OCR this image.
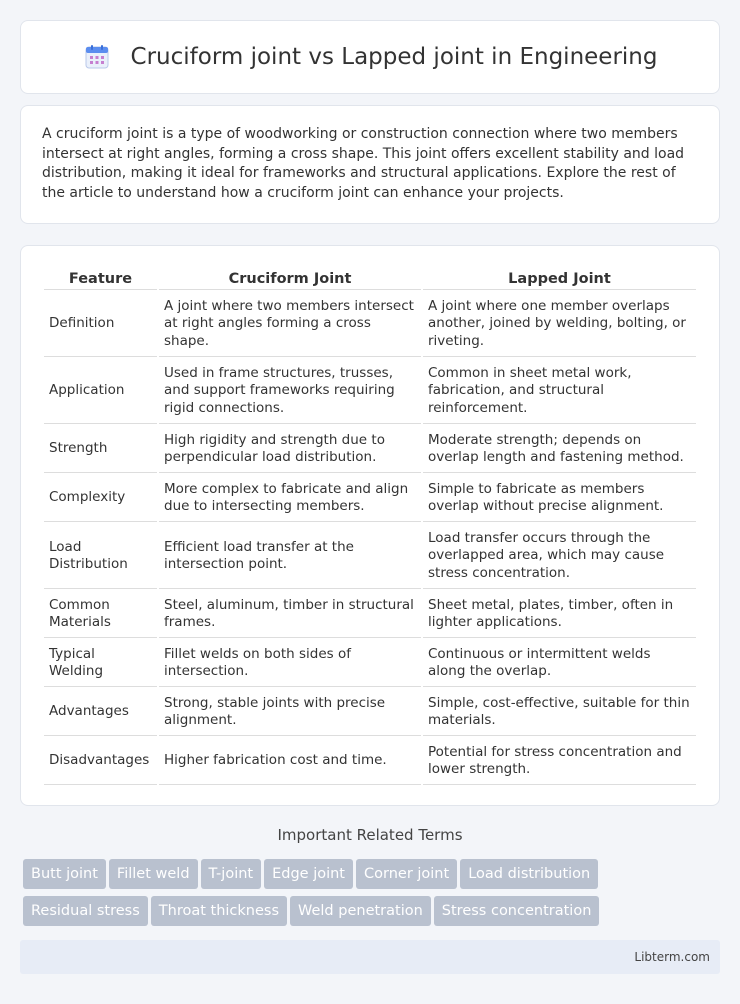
Cruciform joint vs Lapped joint in Engineering

A cruciform joint is a type of woodworking or construction connection where two members intersect at right angles, forming a cross shape. This joint offers excellent stability and load distribution, making it ideal for frameworks and structural applications. Explore the rest of the article to understand how a cruciform joint can enhance your projects.

Feature	Cruciform Joint	Lapped Joint
Definition	A joint where two members intersect at right angles forming a cross shape.	A joint where one member overlaps another, joined by welding, bolting, or riveting.
Application	Used in frame structures, trusses, and support frameworks requiring rigid connections.	Common in sheet metal work, fabrication, and structural reinforcement.
Strength	High rigidity and strength due to perpendicular load distribution.	Moderate strength; depends on overlap length and fastening method.
Complexity	More complex to fabricate and align due to intersecting members.	Simple to fabricate as members overlap without precise alignment.
Load Distribution	Efficient load transfer at the intersection point.	Load transfer occurs through the overlapped area, which may cause stress concentration.
Common Materials	Steel, aluminum, timber in structural frames.	Sheet metal, plates, timber, often in lighter applications.
Typical Welding	Fillet welds on both sides of intersection.	Continuous or intermittent welds along the overlap.
Advantages	Strong, stable joints with precise alignment.	Simple, cost-effective, suitable for thin materials.
Disadvantages	Higher fabrication cost and time.	Potential for stress concentration and lower strength.
Important Related Terms
Butt joint Fillet weld T-joint Edge joint Corner joint Load distribution
Residual stress Throat thickness Weld penetration Stress concentration
Libterm.com
